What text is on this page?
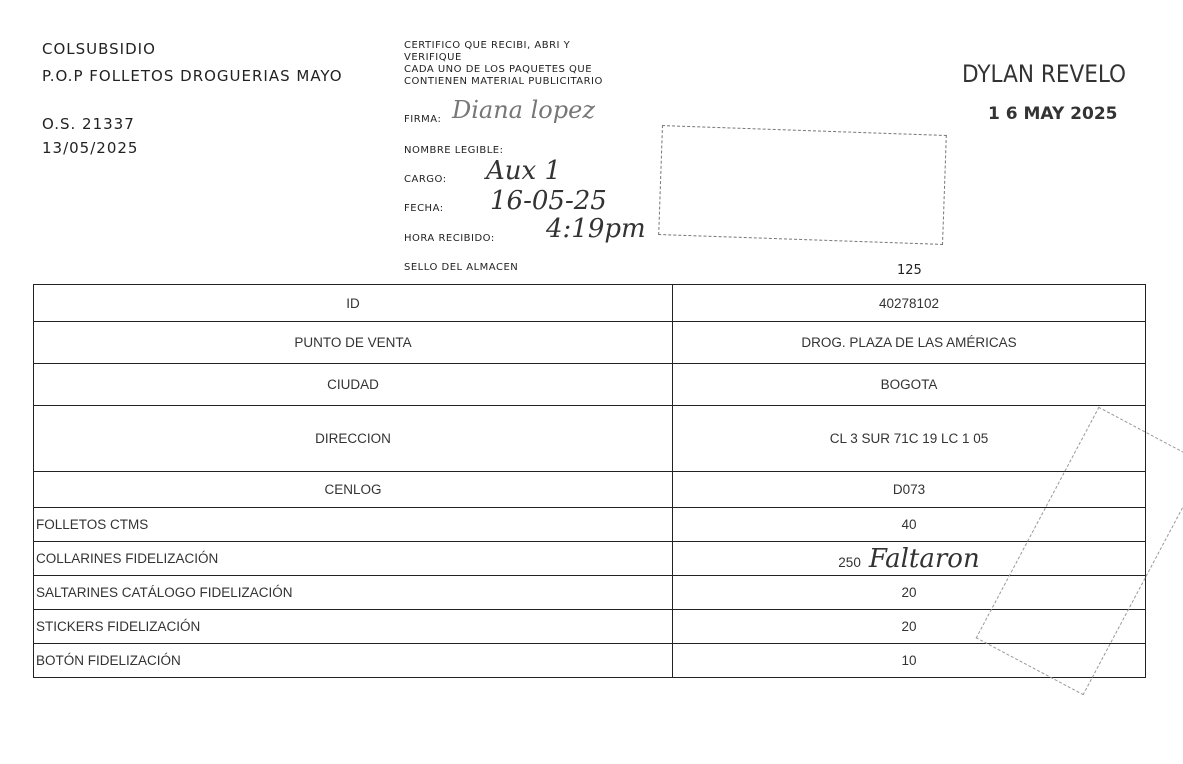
COLSUBSIDIO
P.O.P FOLLETOS DROGUERIAS MAYO
O.S. 21337
13/05/2025
CERTIFICO QUE RECIBI, ABRI Y
VERIFIQUE
CADA UNO DE LOS PAQUETES QUE
CONTIENEN MATERIAL PUBLICITARIO
FIRMA: Diana lopez
NOMBRE LEGIBLE:
CARGO: Aux 1
FECHA: 16-05-25
HORA RECIBIDO: 4:19pm
SELLO DEL ALMACEN

DYLAN REVELO
1 6 MAY 2025
125
ID	40278102
PUNTO DE VENTA	DROG. PLAZA DE LAS AMÉRICAS
CIUDAD	BOGOTA
DIRECCION	CL 3 SUR 71C 19 LC 1 05
CENLOG	D073
FOLLETOS CTMS	40
COLLARINES FIDELIZACIÓN	250 Faltaron
SALTARINES CATÁLOGO FIDELIZACIÓN	20
STICKERS FIDELIZACIÓN	20
BOTÓN FIDELIZACIÓN	10
